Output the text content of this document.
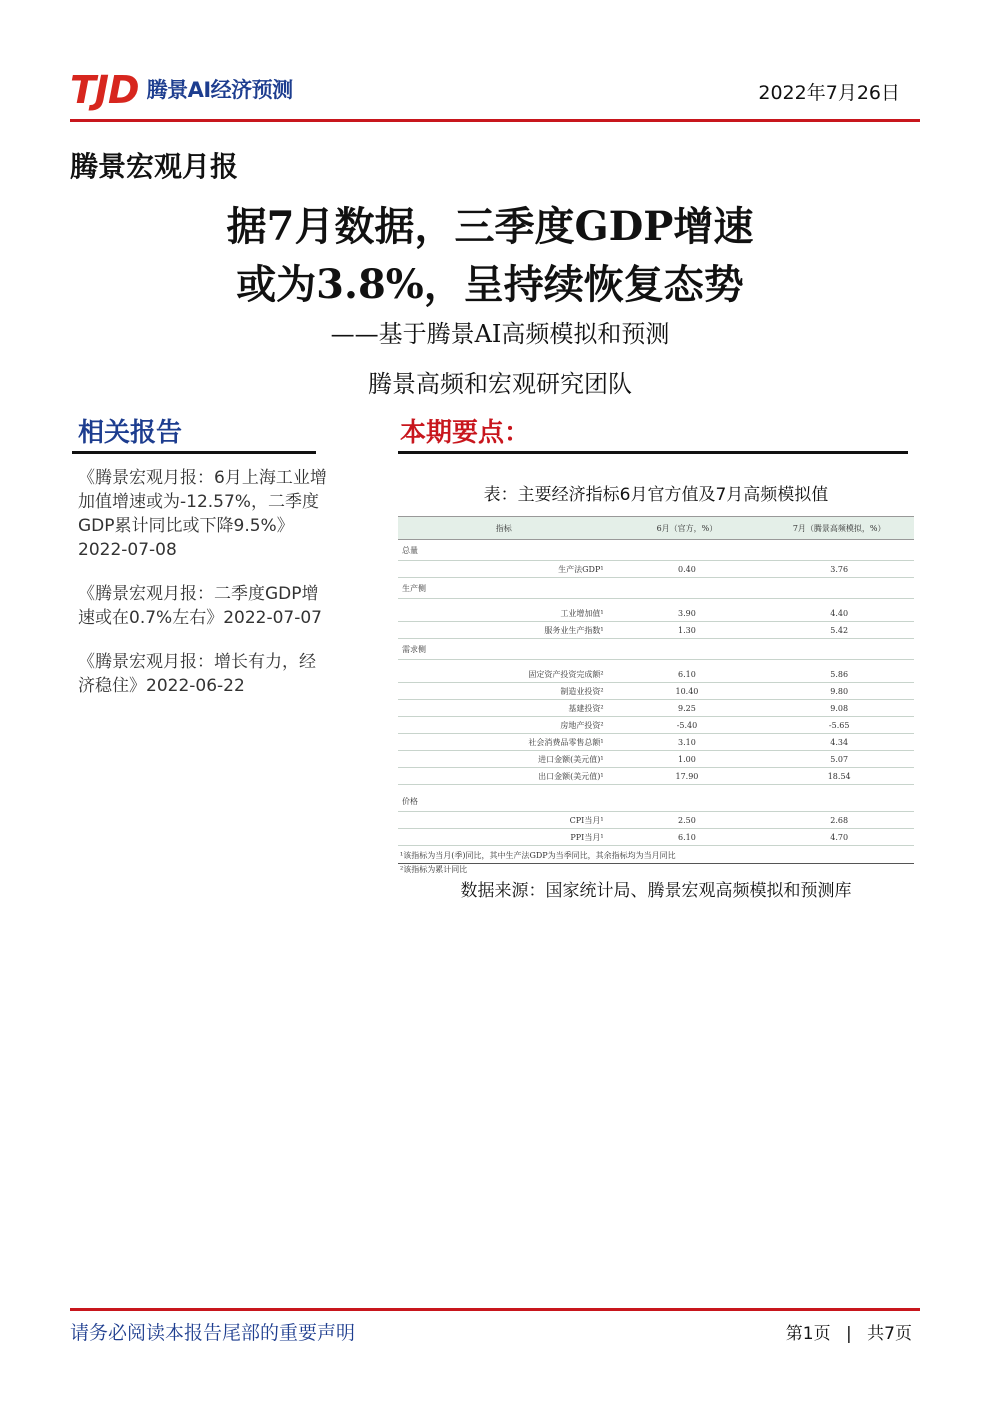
TJD 腾景AI经济预测	2022年7月26日
腾景宏观月报
据7月数据，三季度GDP增速
或为3.8%，呈持续恢复态势
——基于腾景AI高频模拟和预测
腾景高频和宏观研究团队
相关报告
《腾景宏观月报：6月上海工业增加值增速或为-12.57%，二季度GDP累计同比或下降9.5%》2022-07-08
《腾景宏观月报：二季度GDP增速或在0.7%左右》2022-07-07
《腾景宏观月报：增长有力，经济稳住》2022-06-22
本期要点：
表：主要经济指标6月官方值及7月高频模拟值
指标	6月（官方，%）	7月（腾景高频模拟，%）
总量		
生产法GDP¹	0.40	3.76
生产侧		

工业增加值¹	3.90	4.40
服务业生产指数¹	1.30	5.42
需求侧		

固定资产投资完成额²	6.10	5.86
制造业投资²	10.40	9.80
基建投资²	9.25	9.08
房地产投资²	-5.40	-5.65
社会消费品零售总额¹	3.10	4.34
进口金额(美元值)¹	1.00	5.07
出口金额(美元值)¹	17.90	18.54

价格		
CPI当月¹	2.50	2.68
PPI当月¹	6.10	4.70
¹该指标为当月(季)同比，其中生产法GDP为当季同比，其余指标均为当月同比
²该指标为累计同比
数据来源：国家统计局、腾景宏观高频模拟和预测库
请务必阅读本报告尾部的重要声明	第1页 | 共7页
